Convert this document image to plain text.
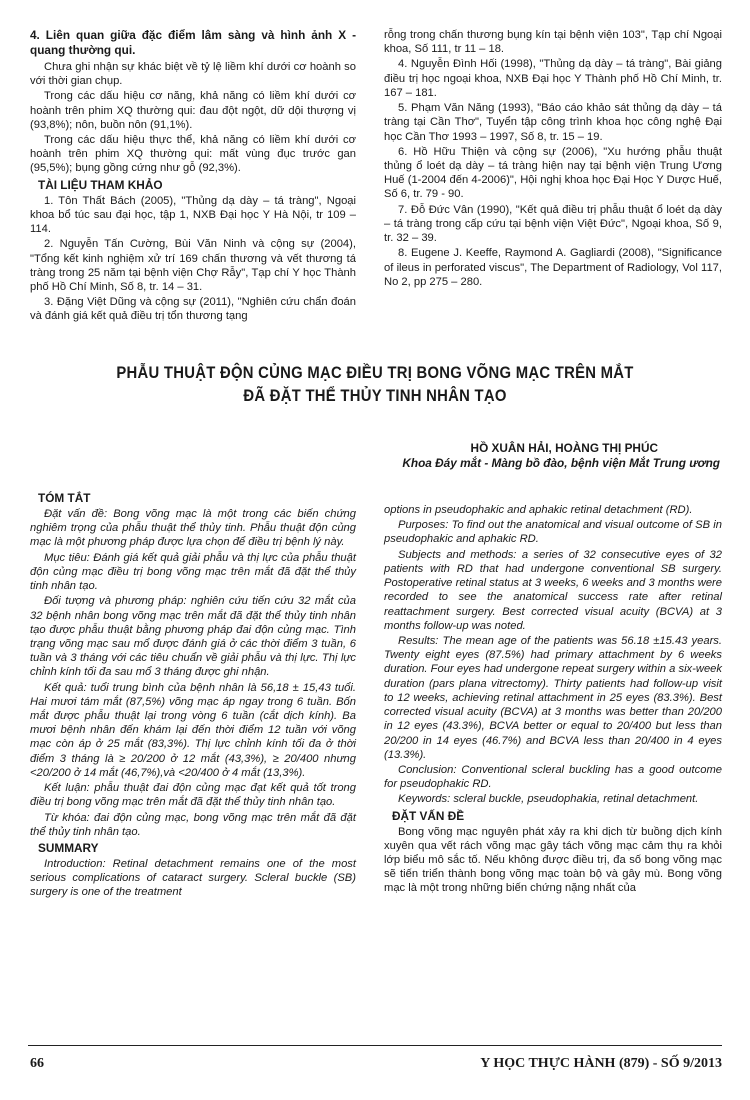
4. Liên quan giữa đặc điểm lâm sàng và hình ảnh X - quang thường qui.

Chưa ghi nhận sự khác biệt về tỷ lệ liềm khí dưới cơ hoành so với thời gian chụp.

Trong các dấu hiệu cơ năng, khả năng có liềm khí dưới cơ hoành trên phim XQ thường qui: đau đột ngột, dữ dội thượng vị (93,8%); nôn, buồn nôn (91,1%).

Trong các dấu hiệu thực thể, khả năng có liềm khí dưới cơ hoành trên phim XQ thường qui: mất vùng đục trước gan (95,5%); bụng gồng cứng như gỗ (92,3%).

TÀI LIỆU THAM KHẢO

1. Tôn Thất Bách (2005), "Thủng dạ dày – tá tràng", Ngoại khoa bổ túc sau đại học, tập 1, NXB Đại học Y Hà Nội, tr 109 – 114.

2. Nguyễn Tấn Cường, Bùi Văn Ninh và cộng sự (2004), "Tổng kết kinh nghiệm xử trí 169 chấn thương và vết thương tá tràng trong 25 năm tại bệnh viện Chợ Rẫy", Tạp chí Y học Thành phố Hồ Chí Minh, Số 8, tr. 14 – 31.

3. Đặng Việt Dũng và cộng sự (2011), "Nghiên cứu chẩn đoán và đánh giá kết quả điều trị tổn thương tạng

rỗng trong chấn thương bụng kín tại bệnh viện 103", Tạp chí Ngoại khoa, Số 111, tr 11 – 18.

4. Nguyễn Đình Hối (1998), "Thủng dạ dày – tá tràng", Bài giảng điều trị học ngoại khoa, NXB Đại học Y Thành phố Hồ Chí Minh, tr. 167 – 181.

5. Phạm Văn Năng (1993), "Báo cáo khảo sát thủng dạ dày – tá tràng tại Cần Thơ", Tuyển tập công trình khoa học công nghệ Đại học Cần Thơ 1993 – 1997, Số 8, tr. 15 – 19.

6. Hồ Hữu Thiện và cộng sự (2006), "Xu hướng phẫu thuật thủng ổ loét dạ dày – tá tràng hiện nay tại bệnh viện Trung Ương Huế (1-2004 đến 4-2006)", Hội nghị khoa học Đại Học Y Dược Huế, Số 6, tr. 79 - 90.

7. Đỗ Đức Vân (1990), "Kết quả điều trị phẫu thuật ổ loét dạ dày – tá tràng trong cấp cứu tại bệnh viện Việt Đức", Ngoại khoa, Số 9, tr. 32 – 39.

8. Eugene J. Keeffe, Raymond A. Gagliardi (2008), "Significance of ileus in perforated viscus", The Department of Radiology, Vol 117, No 2, pp 275 – 280.

PHẪU THUẬT ĐỘN CỦNG MẠC ĐIỀU TRỊ BONG VÕNG MẠC TRÊN MẮT
ĐÃ ĐẶT THỂ THỦY TINH NHÂN TẠO
HỒ XUÂN HẢI, HOÀNG THỊ PHÚC
Khoa Đáy mắt - Màng bồ đào, bệnh viện Mắt Trung ương

TÓM TẮT

Đặt vấn đề: Bong võng mạc là một trong các biến chứng nghiêm trọng của phẫu thuật thể thủy tinh. Phẫu thuật độn củng mạc là một phương pháp được lựa chọn để điều trị bệnh lý này.

Mục tiêu: Đánh giá kết quả giải phẫu và thị lực của phẫu thuật độn củng mạc điều trị bong võng mạc trên mắt đã đặt thể thủy tinh nhân tạo.

Đối tượng và phương pháp: nghiên cứu tiến cứu 32 mắt của 32 bệnh nhân bong võng mạc trên mắt đã đặt thể thủy tinh nhân tạo được phẫu thuật bằng phương pháp đai độn củng mạc. Tình trạng võng mạc sau mổ được đánh giá ở các thời điểm 3 tuần, 6 tuần và 3 tháng với các tiêu chuẩn về giải phẫu và thị lực. Thị lực chỉnh kính tối đa sau mổ 3 tháng được ghi nhận.

Kết quả: tuổi trung bình của bệnh nhân là 56,18 ± 15,43 tuổi. Hai mươi tám mắt (87,5%) võng mạc áp ngay trong 6 tuần. Bốn mắt được phẫu thuật lại trong vòng 6 tuần (cắt dịch kính). Ba mươi bệnh nhân đến khám lại đến thời điểm 12 tuần với võng mạc còn áp ở 25 mắt (83,3%). Thị lực chỉnh kính tối đa ở thời điểm 3 tháng là ≥ 20/200 ở 12 mắt (43,3%), ≥ 20/400 nhưng <20/200 ở 14 mắt (46,7%),và <20/400 ở 4 mắt (13,3%).

Kết luận: phẫu thuật đai độn củng mạc đạt kết quả tốt trong điều trị bong võng mạc trên mắt đã đặt thể thủy tinh nhân tạo.

Từ khóa: đai độn củng mạc, bong võng mạc trên mắt đã đặt thể thủy tinh nhân tạo.

SUMMARY

Introduction: Retinal detachment remains one of the most serious complications of cataract surgery. Scleral buckle (SB) surgery is one of the treatment

options in pseudophakic and aphakic retinal detachment (RD).

Purposes: To find out the anatomical and visual outcome of SB in pseudophakic and aphakic RD.

Subjects and methods: a series of 32 consecutive eyes of 32 patients with RD that had undergone conventional SB surgery. Postoperative retinal status at 3 weeks, 6 weeks and 3 months were recorded to see the anatomical success rate after retinal reattachment surgery. Best corrected visual acuity (BCVA) at 3 months follow-up was noted.

Results: The mean age of the patients was 56.18 ±15.43 years. Twenty eight eyes (87.5%) had primary attachment by 6 weeks duration. Four eyes had undergone repeat surgery within a six-week duration (pars plana vitrectomy). Thirty patients had follow-up visit to 12 weeks, achieving retinal attachment in 25 eyes (83.3%). Best corrected visual acuity (BCVA) at 3 months was better than 20/200 in 12 eyes (43.3%), BCVA better or equal to 20/400 but less than 20/200 in 14 eyes (46.7%) and BCVA less than 20/400 in 4 eyes (13.3%).

Conclusion: Conventional scleral buckling has a good outcome for pseudophakic RD.

Keywords: scleral buckle, pseudophakia, retinal detachment.

ĐẶT VẤN ĐỀ

Bong võng mạc nguyên phát xảy ra khi dịch từ buồng dịch kính xuyên qua vết rách võng mạc gây tách võng mạc cảm thụ ra khỏi lớp biểu mô sắc tố. Nếu không được điều trị, đa số bong võng mạc sẽ tiến triển thành bong võng mạc toàn bộ và gây mù. Bong võng mạc là một trong những biến chứng nặng nhất của

66	Y HỌC THỰC HÀNH (879) - SỐ 9/2013
